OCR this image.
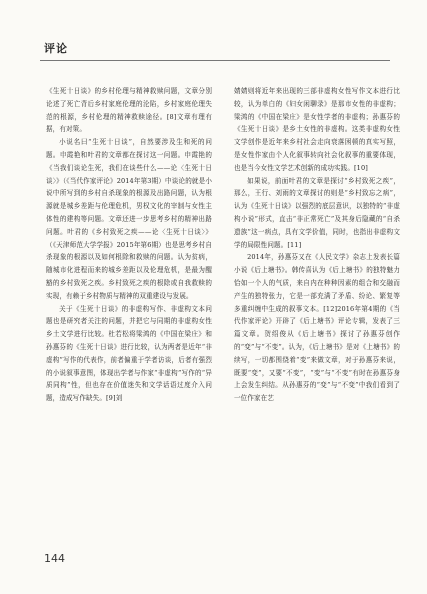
评论

《生死十日谈》的乡村伦理与精神救赎问题，文章分别论述了死亡背后乡村家庭伦理的沦陷，乡村家庭伦理失范的根源，乡村伦理的精神救赎途径。[8]文章有理有据，有对策。

小说名曰“生死十日谈”，自然要涉及生和死的问题。申霞艳和叶君的文章都在探讨这一问题。申霞艳的《当我们谈论生死，我们在谈些什么——论〈生死十日谈〉》（《当代作家评论》2014年第3期）中谈论的就是小说中所写到的乡村自杀现象的根源及出路问题，认为根源就是城乡差距与伦理危机，男权文化的宰制与女性主体性的建构等问题。文章还进一步思考乡村的精神出路问题。叶君的《乡村致死之疾——论〈生死十日谈〉》（《天津师范大学学报》2015年第6期）也是思考乡村自杀现象的根源以及如何根除和救赎的问题。认为贫病，随城市化进程而来的城乡差距以及伦理危机，是最为醒豁的乡村致死之疾。乡村致死之疾的根除或自我救赎的实现，有赖于乡村物质与精神的双重建设与发展。

关于《生死十日谈》的非虚构写作、非虚构文本问题也是研究者关注的问题，并把它与同期的非虚构女性乡土文学进行比较。杜若松将梁鸿的《中国在梁庄》和孙惠芬的《生死十日谈》进行比较，认为两者是近年“非虚构”写作的代表作，前者偏重于学者访谈，后者有强烈的小说叙事意图，体现出学者与作家“非虚构”写作的“异质同构”性，但也存在价值迷失和文学话语过度介入问题，造成写作缺失。[9]刘

婧婧则将近年来出现的三部非虚构女性写作文本进行比较，认为单白的《妇女闲聊录》是那市女性的非虚构；梁鸿的《中国在梁庄》是女性学者的非虚构；孙惠芬的《生死十日谈》是乡土女性的非虚构。这类非虚构女性文学创作是近年来乡村社会走向衰落困顿的真实写照，是女性作家由个人化叙事转向社会化叙事的重要体现，也是当今女性文学艺术创新的成功实践。[10]

如果说，前面叶君的文章是探讨“乡村致死之疾”，那么，王行、刘雨的文章探讨的则是“乡村致忘之病”，认为《生死十日谈》以强烈的底层意识，以独特的“非虚构小说”形式，直击“非正常死亡”及其身后隐藏的“自杀遗族”这一病点，具有文学价值，同时，也指出非虚构文学的局限性问题。[11]

2014年，孙惠芬又在《人民文学》杂志上发表长篇小说《后上塘书》。韩传喜认为《后上塘书》的独特魅力恰如一个人的气质，来自内在种种因素的组合和交融而产生的独特张力，它是一部充满了矛盾、纷论、繁复等多重纠缠中生成的叙事文本。[12]2016年第4期的《当代作家评论》开辟了《后上塘书》评论专辑，发表了三篇文章。贺绍俊从《后上塘书》探讨了孙惠芬创作的“变”与“不变”。认为，《后上塘书》是对《上塘书》的续写，一切都围绕着“变”来做文章，对于孙惠芬来说，既要“变”，又要“不变”，“变”与“不变”有时在孙惠芬身上会发生纠结。从孙惠芬的“变”与“不变”中我们看到了一位作家在艺

144
